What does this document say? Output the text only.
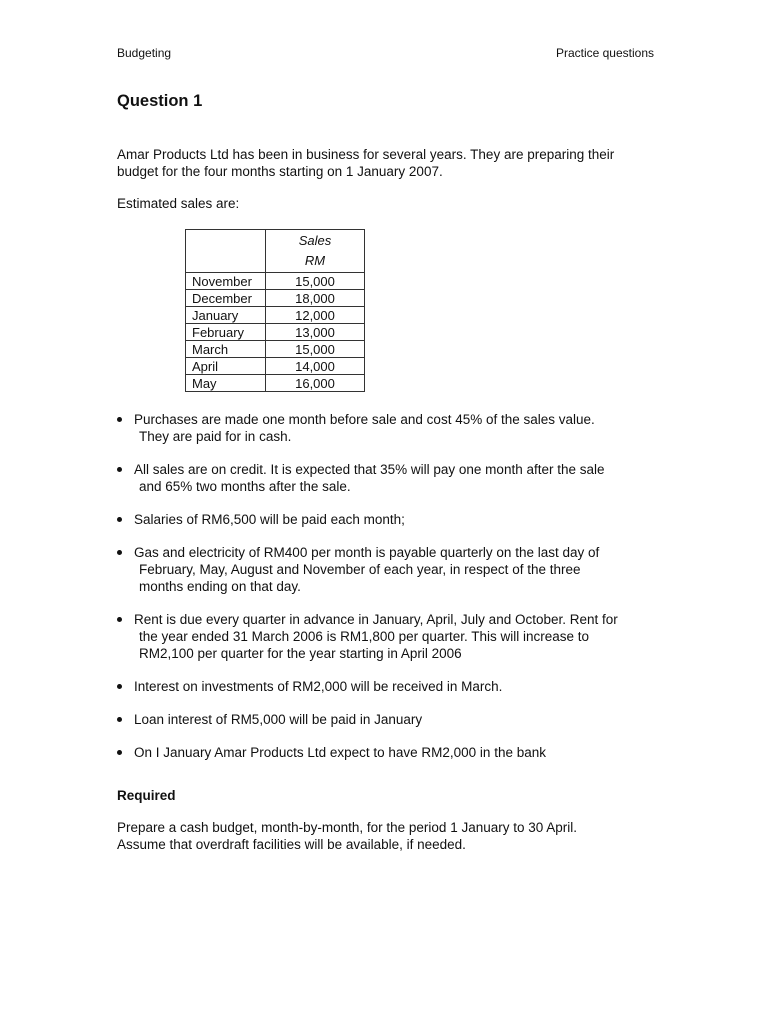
Budgeting	Practice questions
Question 1
Amar Products Ltd has been in business for several years. They are preparing their
budget for the four months starting on 1 January 2007.
Estimated sales are:

	Sales
RM

November	15,000
December	18,000
January	12,000
February	13,000
March	15,000
April	14,000
May	16,000
Purchases are made one month before sale and cost 45% of the sales value.
They are paid for in cash.
All sales are on credit. It is expected that 35% will pay one month after the sale
and 65% two months after the sale.
Salaries of RM6,500 will be paid each month;
Gas and electricity of RM400 per month is payable quarterly on the last day of
February, May, August and November of each year, in respect of the three
months ending on that day.
Rent is due every quarter in advance in January, April, July and October. Rent for
the year ended 31 March 2006 is RM1,800 per quarter. This will increase to
RM2,100 per quarter for the year starting in April 2006
Interest on investments of RM2,000 will be received in March.
Loan interest of RM5,000 will be paid in January
On I January Amar Products Ltd expect to have RM2,000 in the bank
Required
Prepare a cash budget, month-by-month, for the period 1 January to 30 April.
Assume that overdraft facilities will be available, if needed.
